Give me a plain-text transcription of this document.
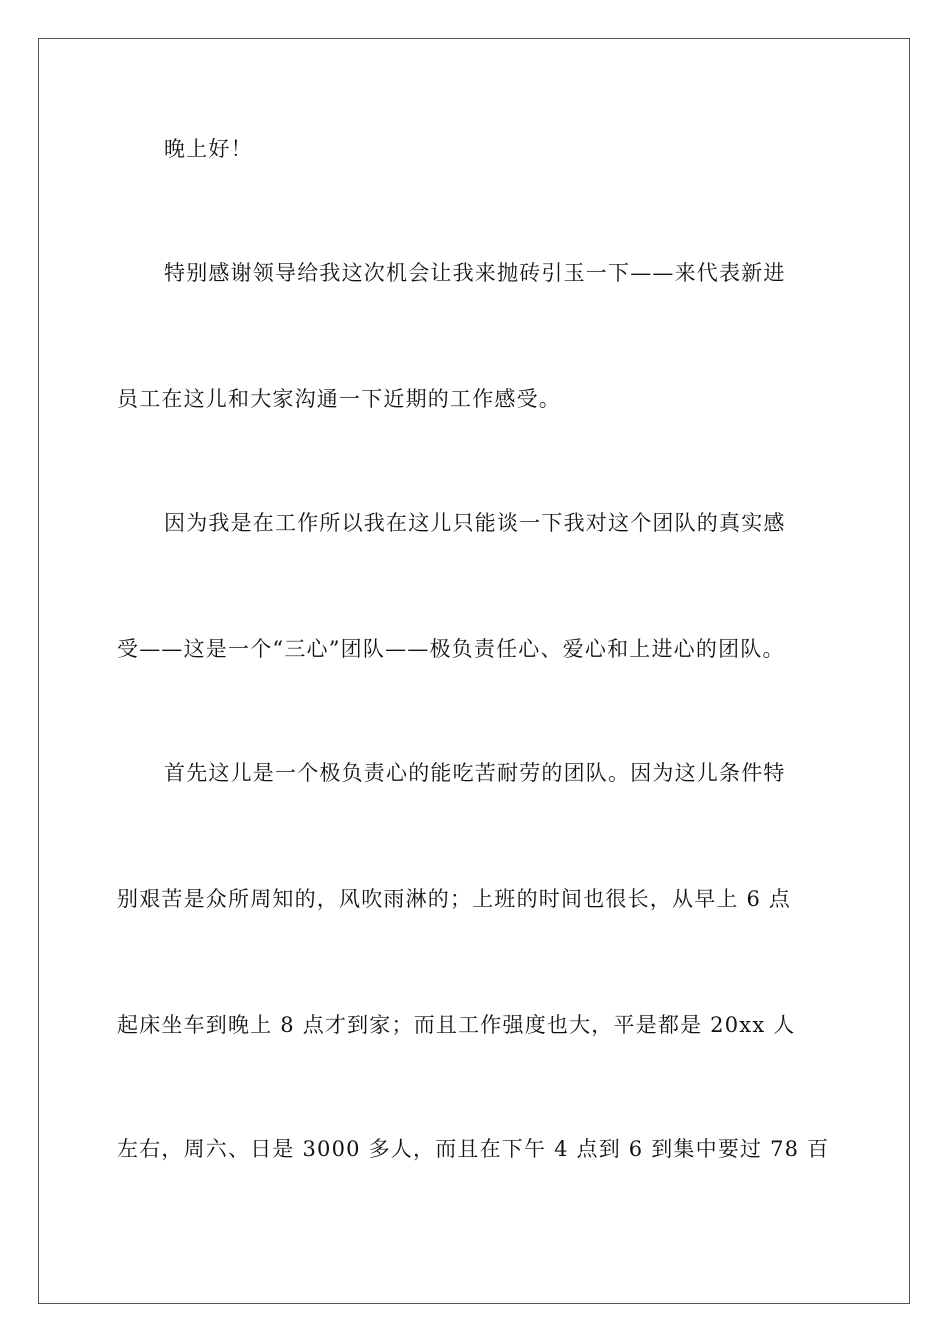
晚上好！
特别感谢领导给我这次机会让我来抛砖引玉一下——来代表新进
员工在这儿和大家沟通一下近期的工作感受。
因为我是在工作所以我在这儿只能谈一下我对这个团队的真实感
受——这是一个“三心”团队——极负责任心、爱心和上进心的团队。
首先这儿是一个极负责心的能吃苦耐劳的团队。因为这儿条件特
别艰苦是众所周知的，风吹雨淋的；上班的时间也很长，从早上 6 点
起床坐车到晚上 8 点才到家；而且工作强度也大，平是都是 20xx 人
左右，周六、日是 3000 多人，而且在下午 4 点到 6 到集中要过 78 百
